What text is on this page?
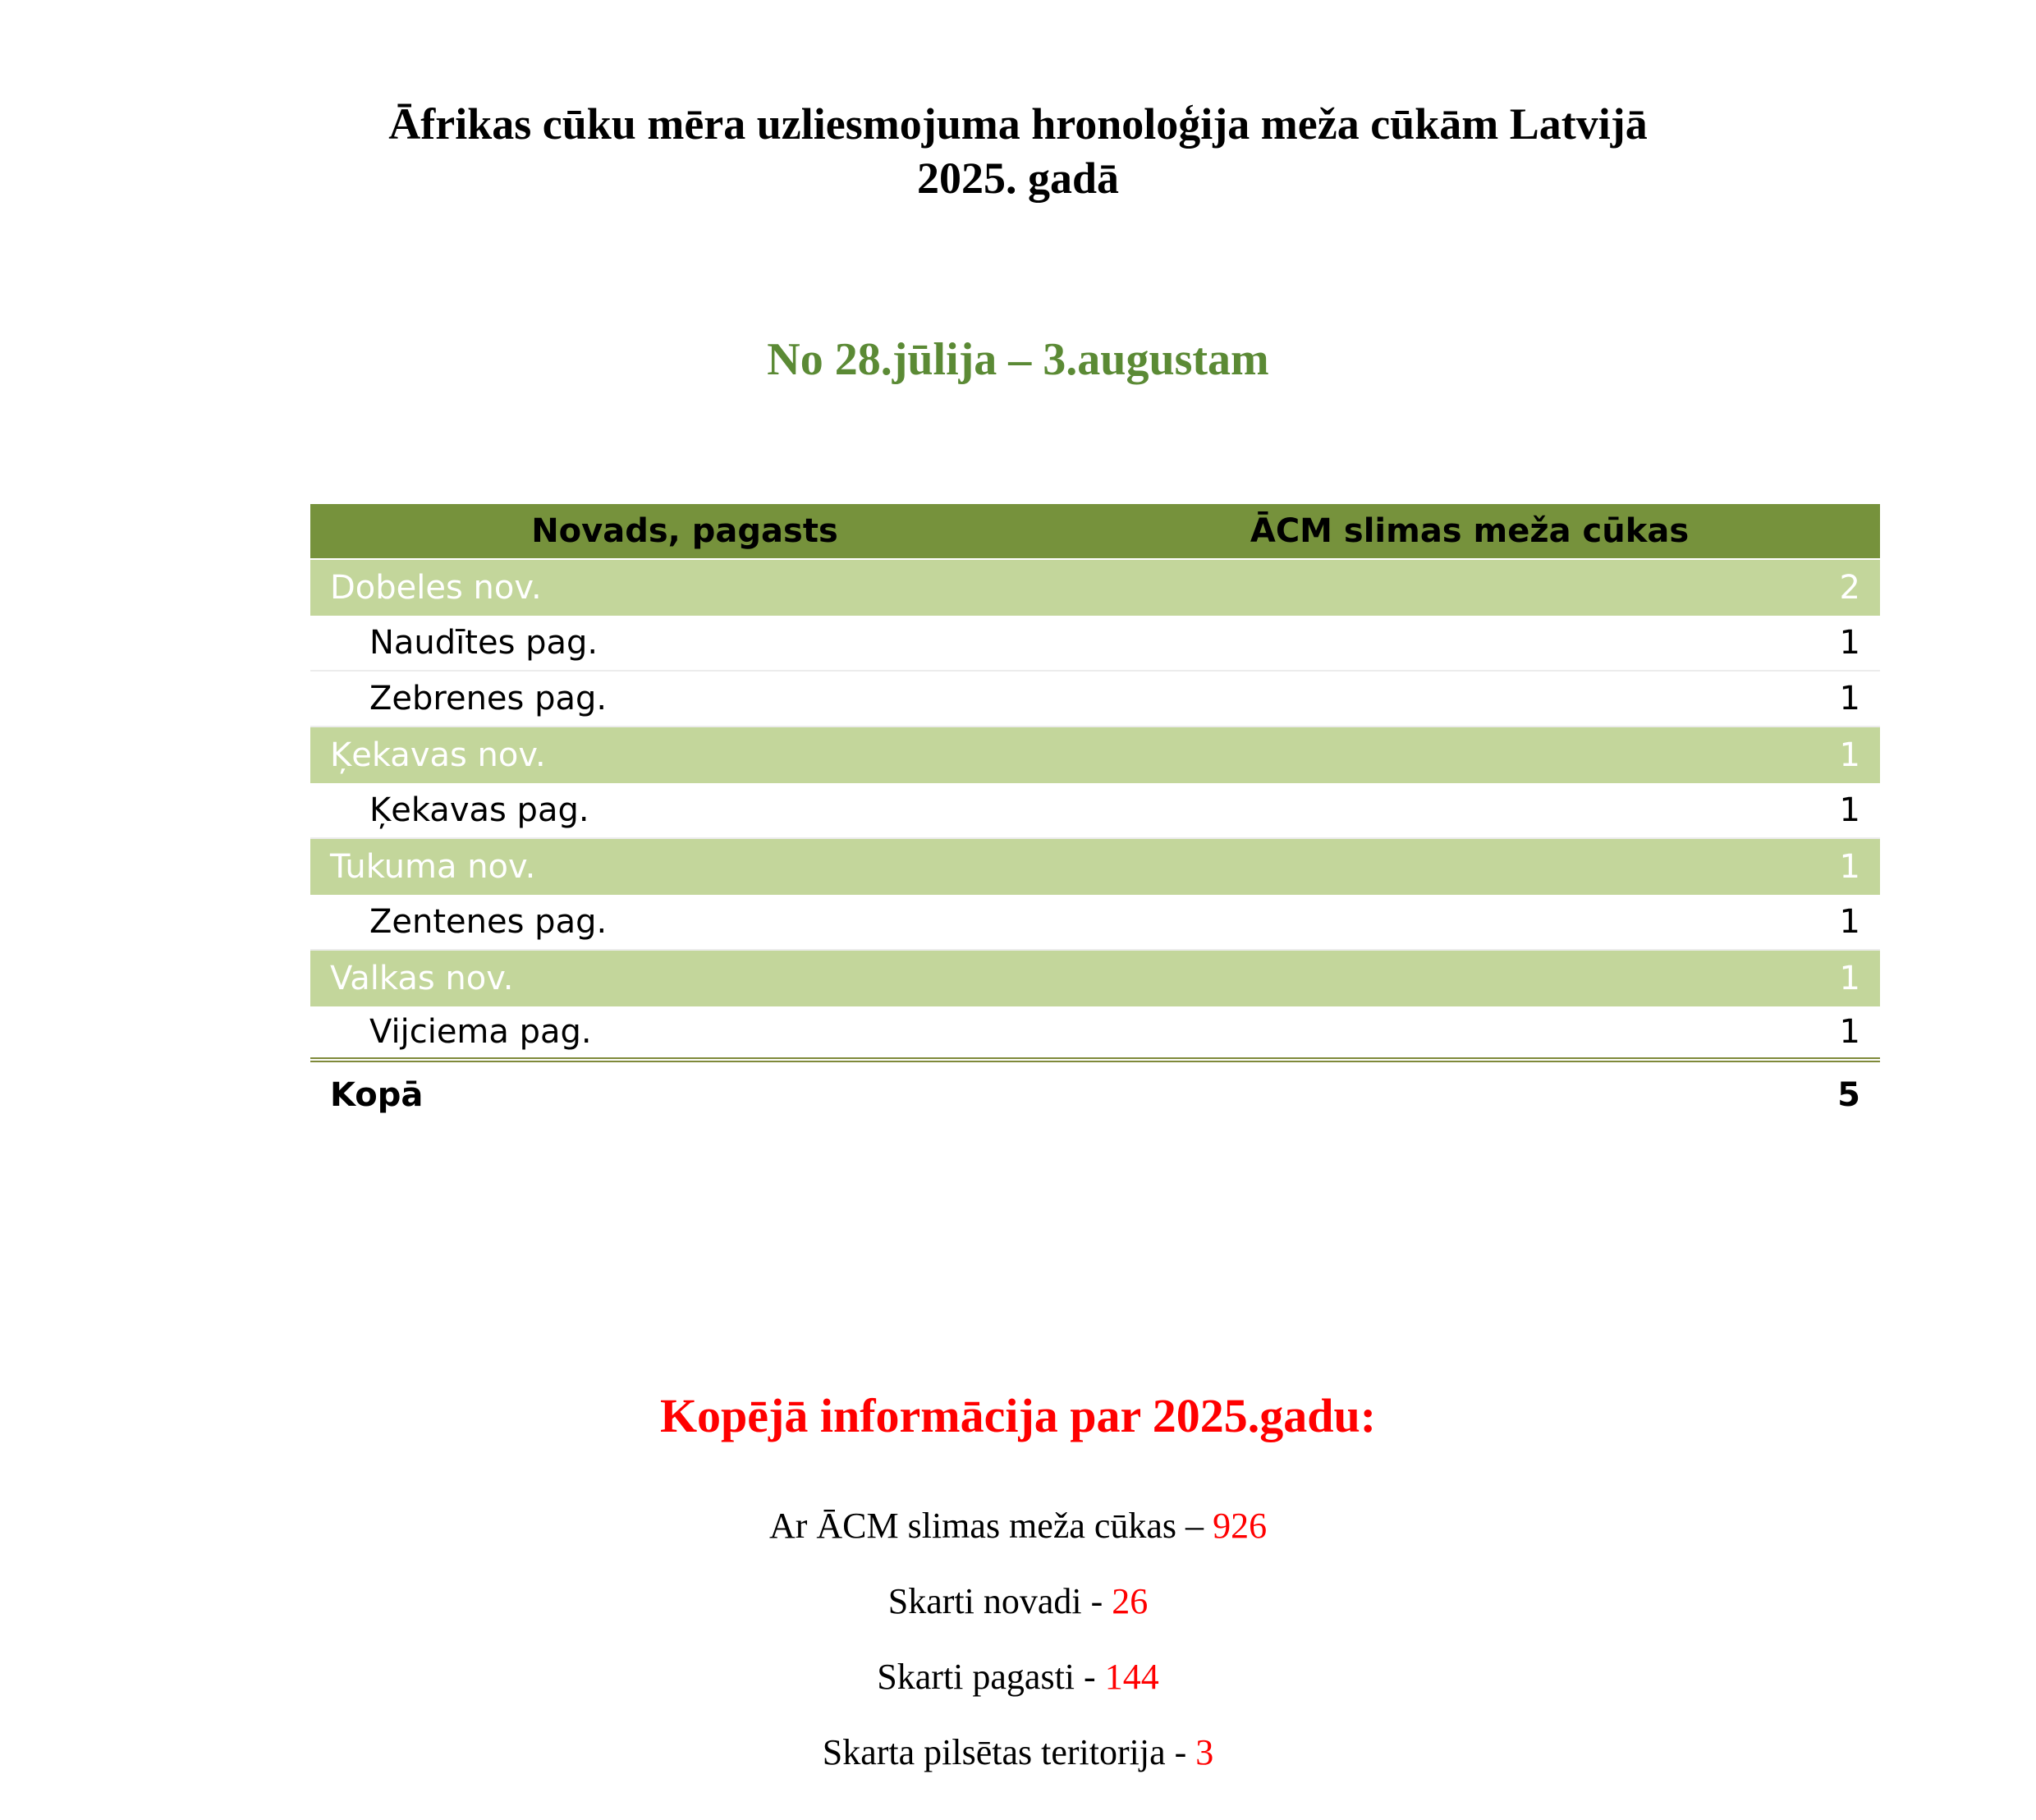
Āfrikas cūku mēra uzliesmojuma hronoloģija meža cūkām Latvijā
2025. gadā
No 28.jūlija – 3.augustam
Novads, pagasts	ĀCM slimas meža cūkas
Dobeles nov.	2
Naudītes pag.	1
Zebrenes pag.	1
Ķekavas nov.	1
Ķekavas pag.	1
Tukuma nov.	1
Zentenes pag.	1
Valkas nov.	1
Vijciema pag.	1
Kopā	5
Kopējā informācija par 2025.gadu:
Ar ĀCM slimas meža cūkas – 926
Skarti novadi - 26
Skarti pagasti - 144
Skarta pilsētas teritorija - 3
